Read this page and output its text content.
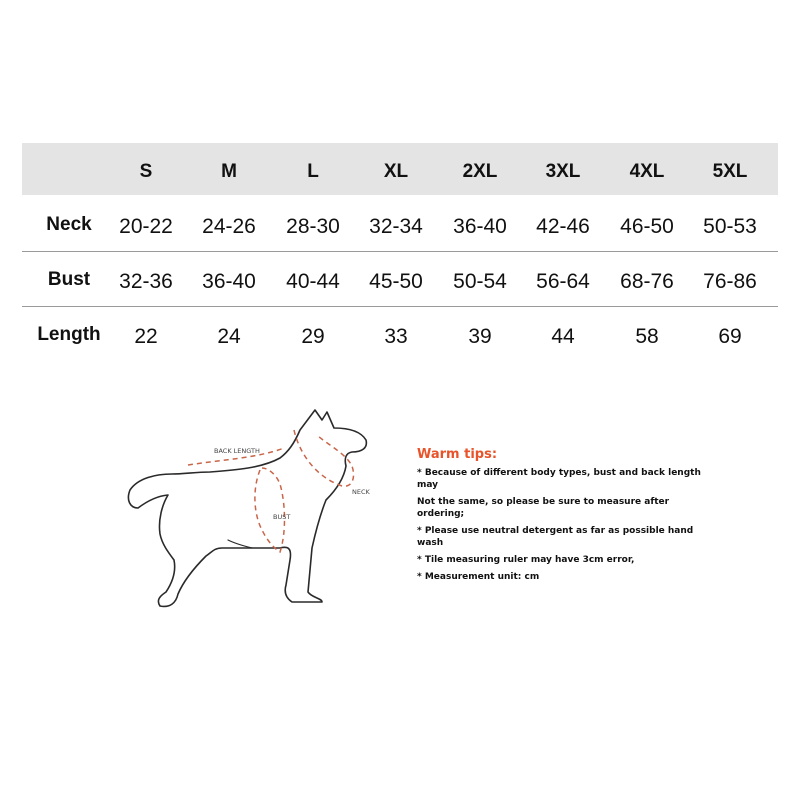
S	M	L	XL	2XL	3XL	4XL	5XL
Neck	20-22	24-26	28-30	32-34	36-40	42-46	46-50	50-53
Bust	32-36	36-40	40-44	45-50	50-54	56-64	68-76	76-86
Length	22	24	29	33	39	44	58	69
BACK LENGTH
NECK
BUST
Warm tips:
* Because of different body types, bust and back length may
Not the same, so please be sure to measure after ordering;
* Please use neutral detergent as far as possible hand wash
* Tile measuring ruler may have 3cm error,
* Measurement unit: cm
